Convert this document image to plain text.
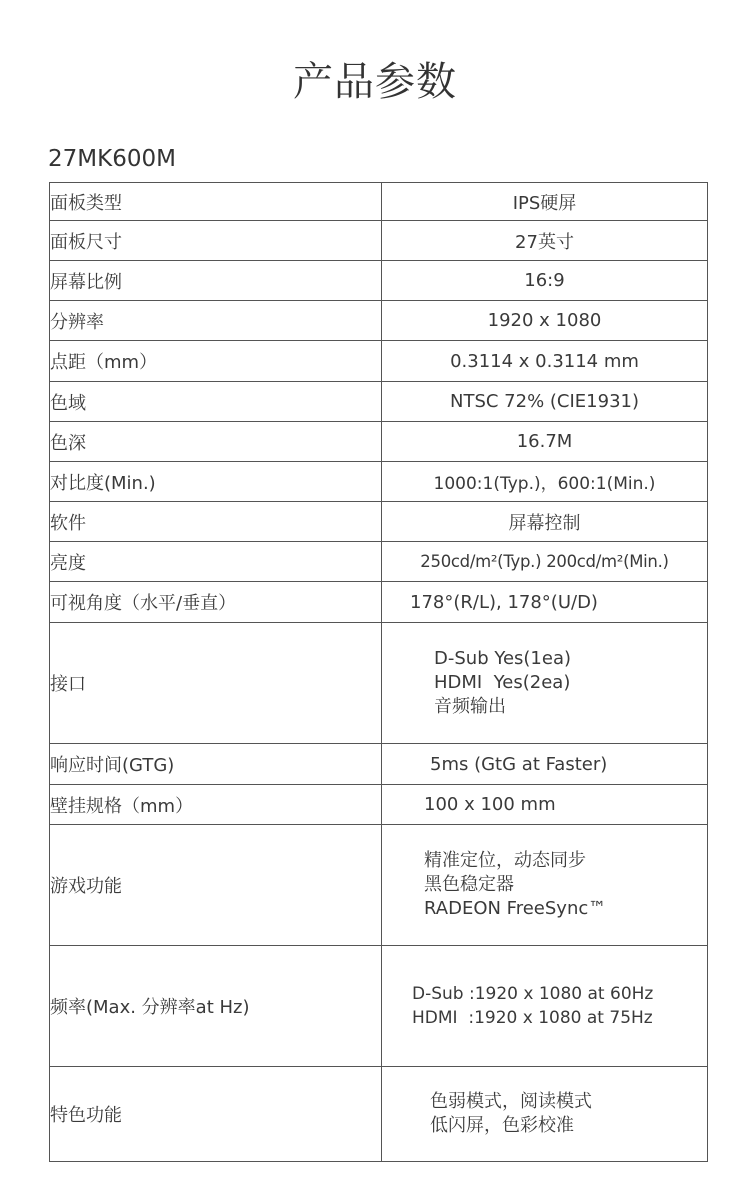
产品参数
27MK600M
面板类型	IPS硬屏
面板尺寸	27英寸
屏幕比例	16:9
分辨率	1920 x 1080
点距（mm）	0.3114 x 0.3114 mm
色域	NTSC 72% (CIE1931)
色深	16.7M
对比度(Min.)	1000:1(Typ.)，600:1(Min.)
软件	屏幕控制
亮度	250cd/m²(Typ.) 200cd/m²(Min.)
可视角度（水平/垂直）	178°(R/L), 178°(U/D)
接口	D-Sub Yes(1ea)
HDMI  Yes(2ea)
音频输出

响应时间(GTG)	5ms (GtG at Faster)
壁挂规格（mm）	100 x 100 mm
游戏功能	精准定位，动态同步
黑色稳定器
RADEON FreeSync™

频率(Max. 分辨率at Hz)	D-Sub :1920 x 1080 at 60Hz
HDMI  :1920 x 1080 at 75Hz

特色功能	色弱模式，阅读模式
低闪屏，色彩校准
